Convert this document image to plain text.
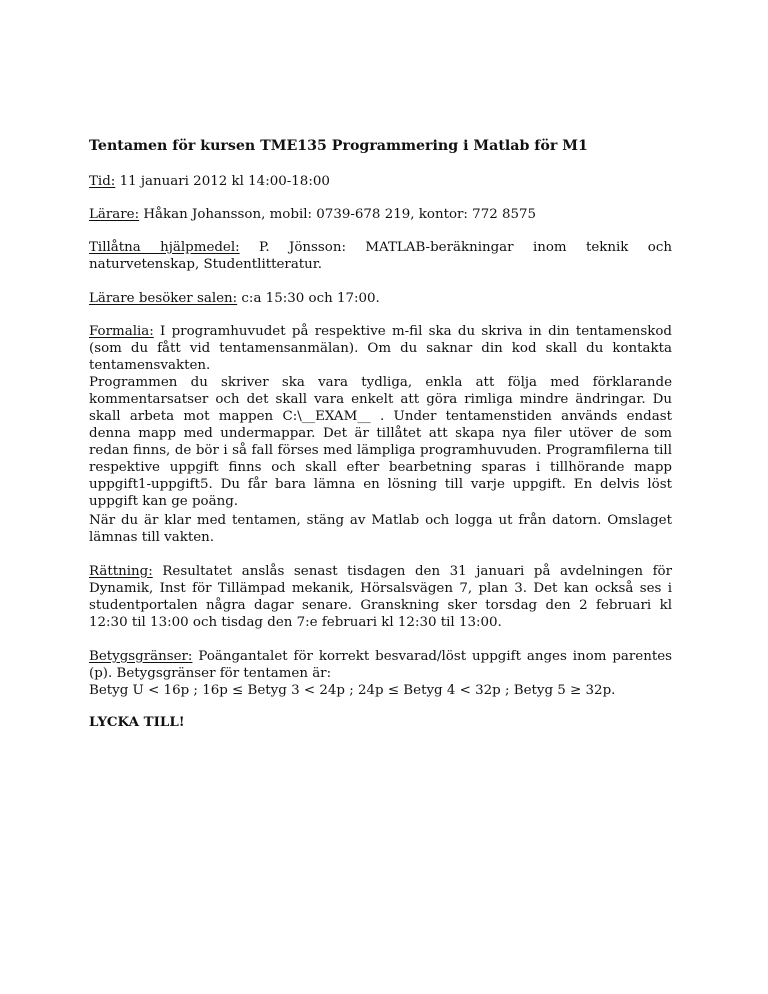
Tentamen för kursen TME135 Programmering i Matlab för M1

Tid: 11 januari 2012 kl 14:00-18:00

Lärare: Håkan Johansson, mobil: 0739-678 219, kontor: 772 8575

Tillåtna hjälpmedel: P. Jönsson: MATLAB-beräkningar inom teknik och naturvetenskap, Studentlitteratur.

Lärare besöker salen: c:a 15:30 och 17:00.

Formalia: I programhuvudet på respektive m-fil ska du skriva in din tentamenskod (som du fått vid tentamensanmälan). Om du saknar din kod skall du kontakta tentamensvakten.

Programmen du skriver ska vara tydliga, enkla att följa med förklarande kommentarsatser och det skall vara enkelt att göra rimliga mindre ändringar. Du skall arbeta mot mappen C:\__EXAM__ . Under tentamenstiden används endast denna mapp med undermappar. Det är tillåtet att skapa nya filer utöver de som redan finns, de bör i så fall förses med lämpliga programhuvuden. Programfilerna till respektive uppgift finns och skall efter bearbetning sparas i tillhörande mapp uppgift1-uppgift5. Du får bara lämna en lösning till varje uppgift. En delvis löst uppgift kan ge poäng.

När du är klar med tentamen, stäng av Matlab och logga ut från datorn. Omslaget lämnas till vakten.

Rättning: Resultatet anslås senast tisdagen den 31 januari på avdelningen för Dynamik, Inst för Tillämpad mekanik, Hörsalsvägen 7, plan 3. Det kan också ses i studentportalen några dagar senare. Granskning sker torsdag den 2 februari kl 12:30 til 13:00 och tisdag den 7:e februari kl 12:30 til 13:00.

Betygsgränser: Poängantalet för korrekt besvarad/löst uppgift anges inom parentes (p). Betygsgränser för tentamen är:
Betyg U < 16p ; 16p ≤ Betyg 3 < 24p ; 24p ≤ Betyg 4 < 32p ; Betyg 5 ≥ 32p.

LYCKA TILL!
